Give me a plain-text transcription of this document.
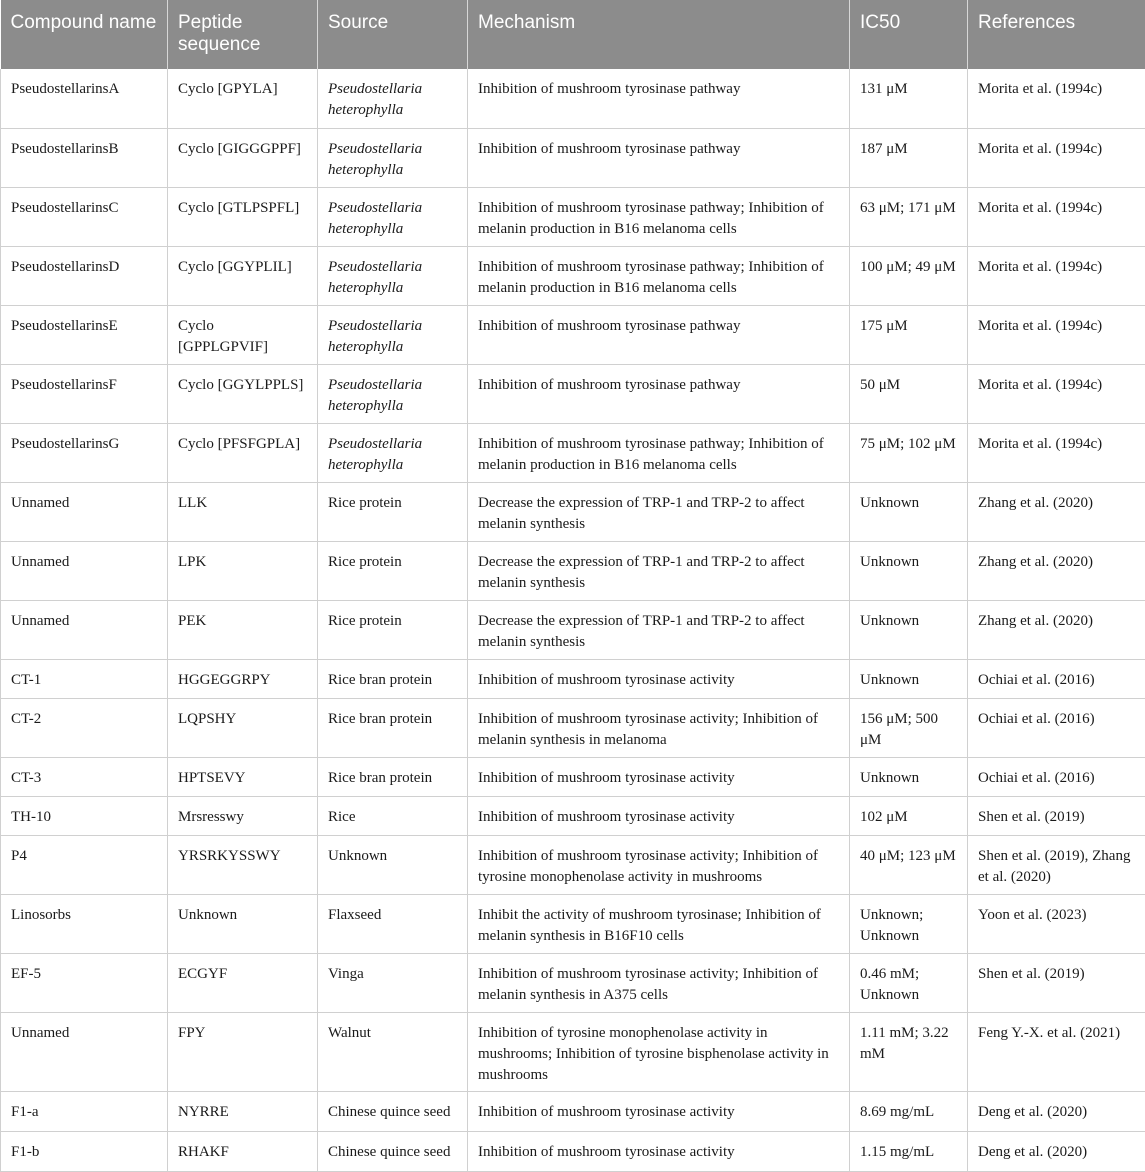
Compound name	Peptide sequence	Source	Mechanism	IC50	References
PseudostellarinsA	Cyclo [GPYLA]	Pseudostellaria heterophylla	Inhibition of mushroom tyrosinase pathway	131 μM	Morita et al. (1994c)
PseudostellarinsB	Cyclo [GIGGGPPF]	Pseudostellaria heterophylla	Inhibition of mushroom tyrosinase pathway	187 μM	Morita et al. (1994c)
PseudostellarinsC	Cyclo [GTLPSPFL]	Pseudostellaria heterophylla	Inhibition of mushroom tyrosinase pathway; Inhibition of melanin production in B16 melanoma cells	63 μM; 171 μM	Morita et al. (1994c)
PseudostellarinsD	Cyclo [GGYPLIL]	Pseudostellaria heterophylla	Inhibition of mushroom tyrosinase pathway; Inhibition of melanin production in B16 melanoma cells	100 μM; 49 μM	Morita et al. (1994c)
PseudostellarinsE	Cyclo [GPPLGPVIF]	Pseudostellaria heterophylla	Inhibition of mushroom tyrosinase pathway	175 μM	Morita et al. (1994c)
PseudostellarinsF	Cyclo [GGYLPPLS]	Pseudostellaria heterophylla	Inhibition of mushroom tyrosinase pathway	50 μM	Morita et al. (1994c)
PseudostellarinsG	Cyclo [PFSFGPLA]	Pseudostellaria heterophylla	Inhibition of mushroom tyrosinase pathway; Inhibition of melanin production in B16 melanoma cells	75 μM; 102 μM	Morita et al. (1994c)
Unnamed	LLK	Rice protein	Decrease the expression of TRP-1 and TRP-2 to affect melanin synthesis	Unknown	Zhang et al. (2020)
Unnamed	LPK	Rice protein	Decrease the expression of TRP-1 and TRP-2 to affect melanin synthesis	Unknown	Zhang et al. (2020)
Unnamed	PEK	Rice protein	Decrease the expression of TRP-1 and TRP-2 to affect melanin synthesis	Unknown	Zhang et al. (2020)
CT-1	HGGEGGRPY	Rice bran protein	Inhibition of mushroom tyrosinase activity	Unknown	Ochiai et al. (2016)
CT-2	LQPSHY	Rice bran protein	Inhibition of mushroom tyrosinase activity; Inhibition of melanin synthesis in melanoma	156 μM; 500 μM	Ochiai et al. (2016)
CT-3	HPTSEVY	Rice bran protein	Inhibition of mushroom tyrosinase activity	Unknown	Ochiai et al. (2016)
TH-10	Mrsresswy	Rice	Inhibition of mushroom tyrosinase activity	102 μM	Shen et al. (2019)
P4	YRSRKYSSWY	Unknown	Inhibition of mushroom tyrosinase activity; Inhibition of tyrosine monophenolase activity in mushrooms	40 μM; 123 μM	Shen et al. (2019), Zhang et al. (2020)
Linosorbs	Unknown	Flaxseed	Inhibit the activity of mushroom tyrosinase; Inhibition of melanin synthesis in B16F10 cells	Unknown; Unknown	Yoon et al. (2023)
EF-5	ECGYF	Vinga	Inhibition of mushroom tyrosinase activity; Inhibition of melanin synthesis in A375 cells	0.46 mM; Unknown	Shen et al. (2019)
Unnamed	FPY	Walnut	Inhibition of tyrosine monophenolase activity in mushrooms; Inhibition of tyrosine bisphenolase activity in mushrooms	1.11 mM; 3.22 mM	Feng Y.-X. et al. (2021)
F1-a	NYRRE	Chinese quince seed	Inhibition of mushroom tyrosinase activity	8.69 mg/mL	Deng et al. (2020)
F1-b	RHAKF	Chinese quince seed	Inhibition of mushroom tyrosinase activity	1.15 mg/mL	Deng et al. (2020)
